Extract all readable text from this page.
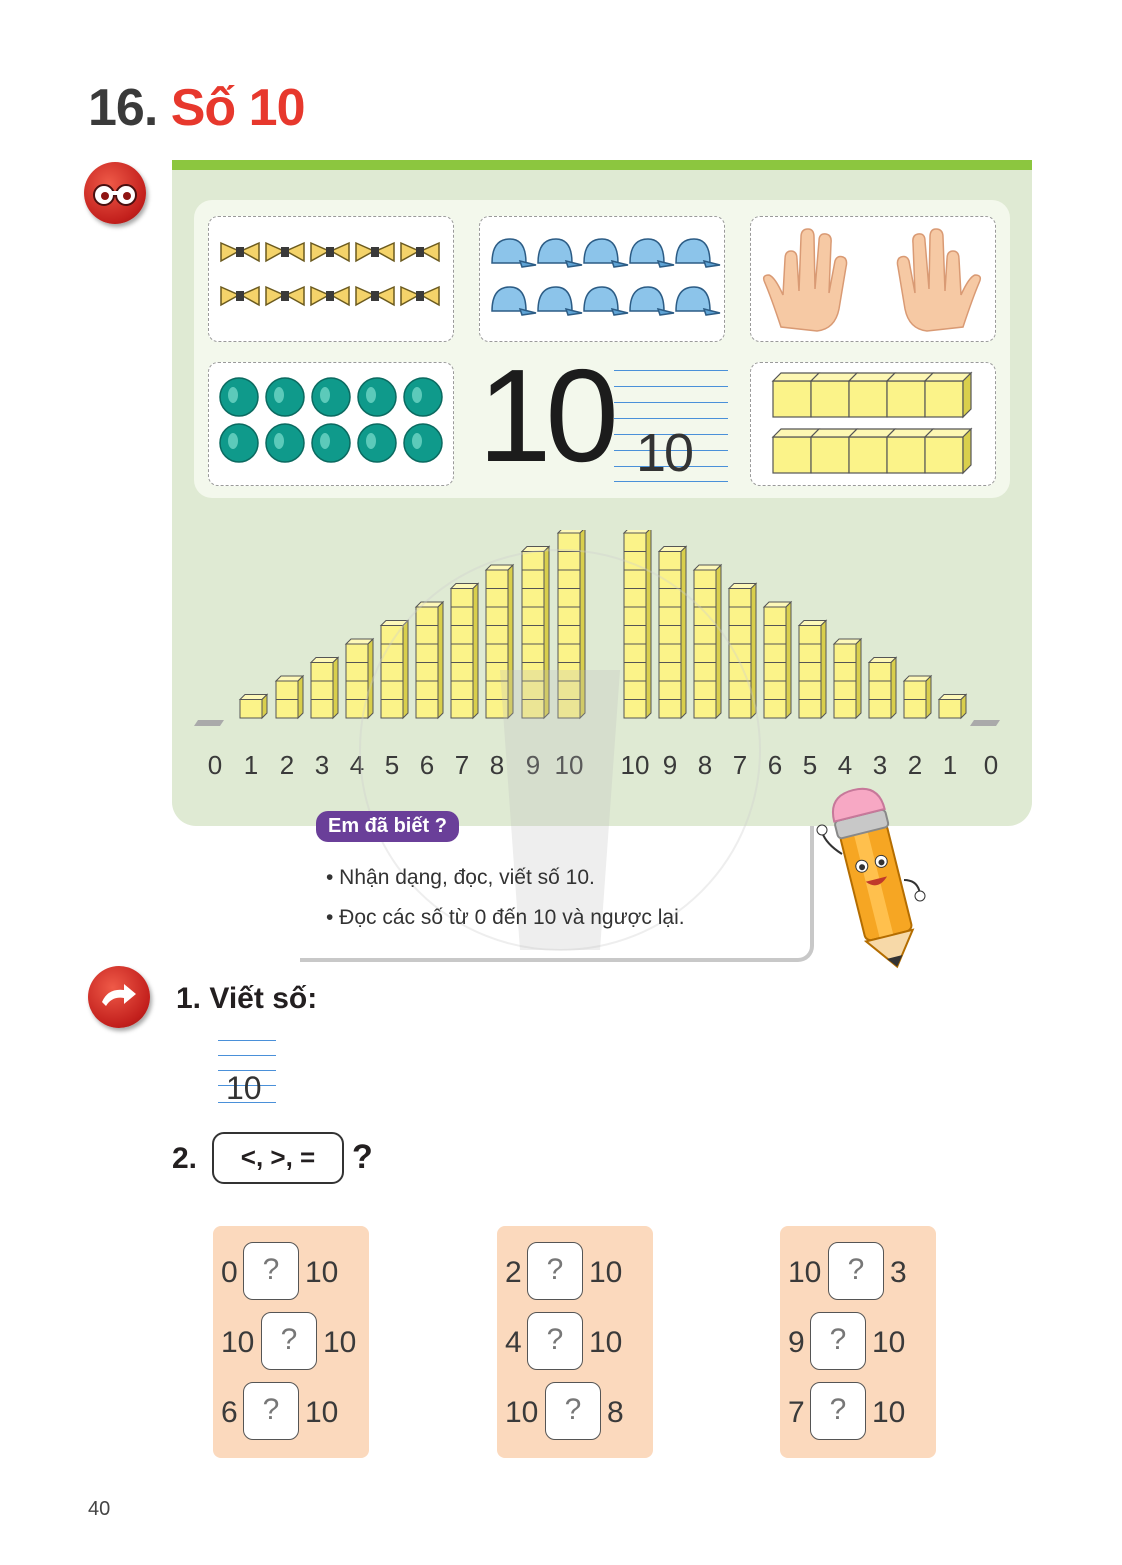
16. Số 10
10 10
0 1 2 3 4 5 6 7 8 9 10 10 9 8 7 6 5 4 3 2 1	0
Em đã biết ?
• Nhận dạng, đọc, viết số 10.
• Đọc các số từ 0 đến 10 và ngược lại.
1. Viết số:
10
2.	<, >, =	?
0 ? 10
10 ? 10
6 ? 10
2 ? 10
4 ? 10
10 ? 8
10 ? 3
9 ? 10
7 ? 10
40
